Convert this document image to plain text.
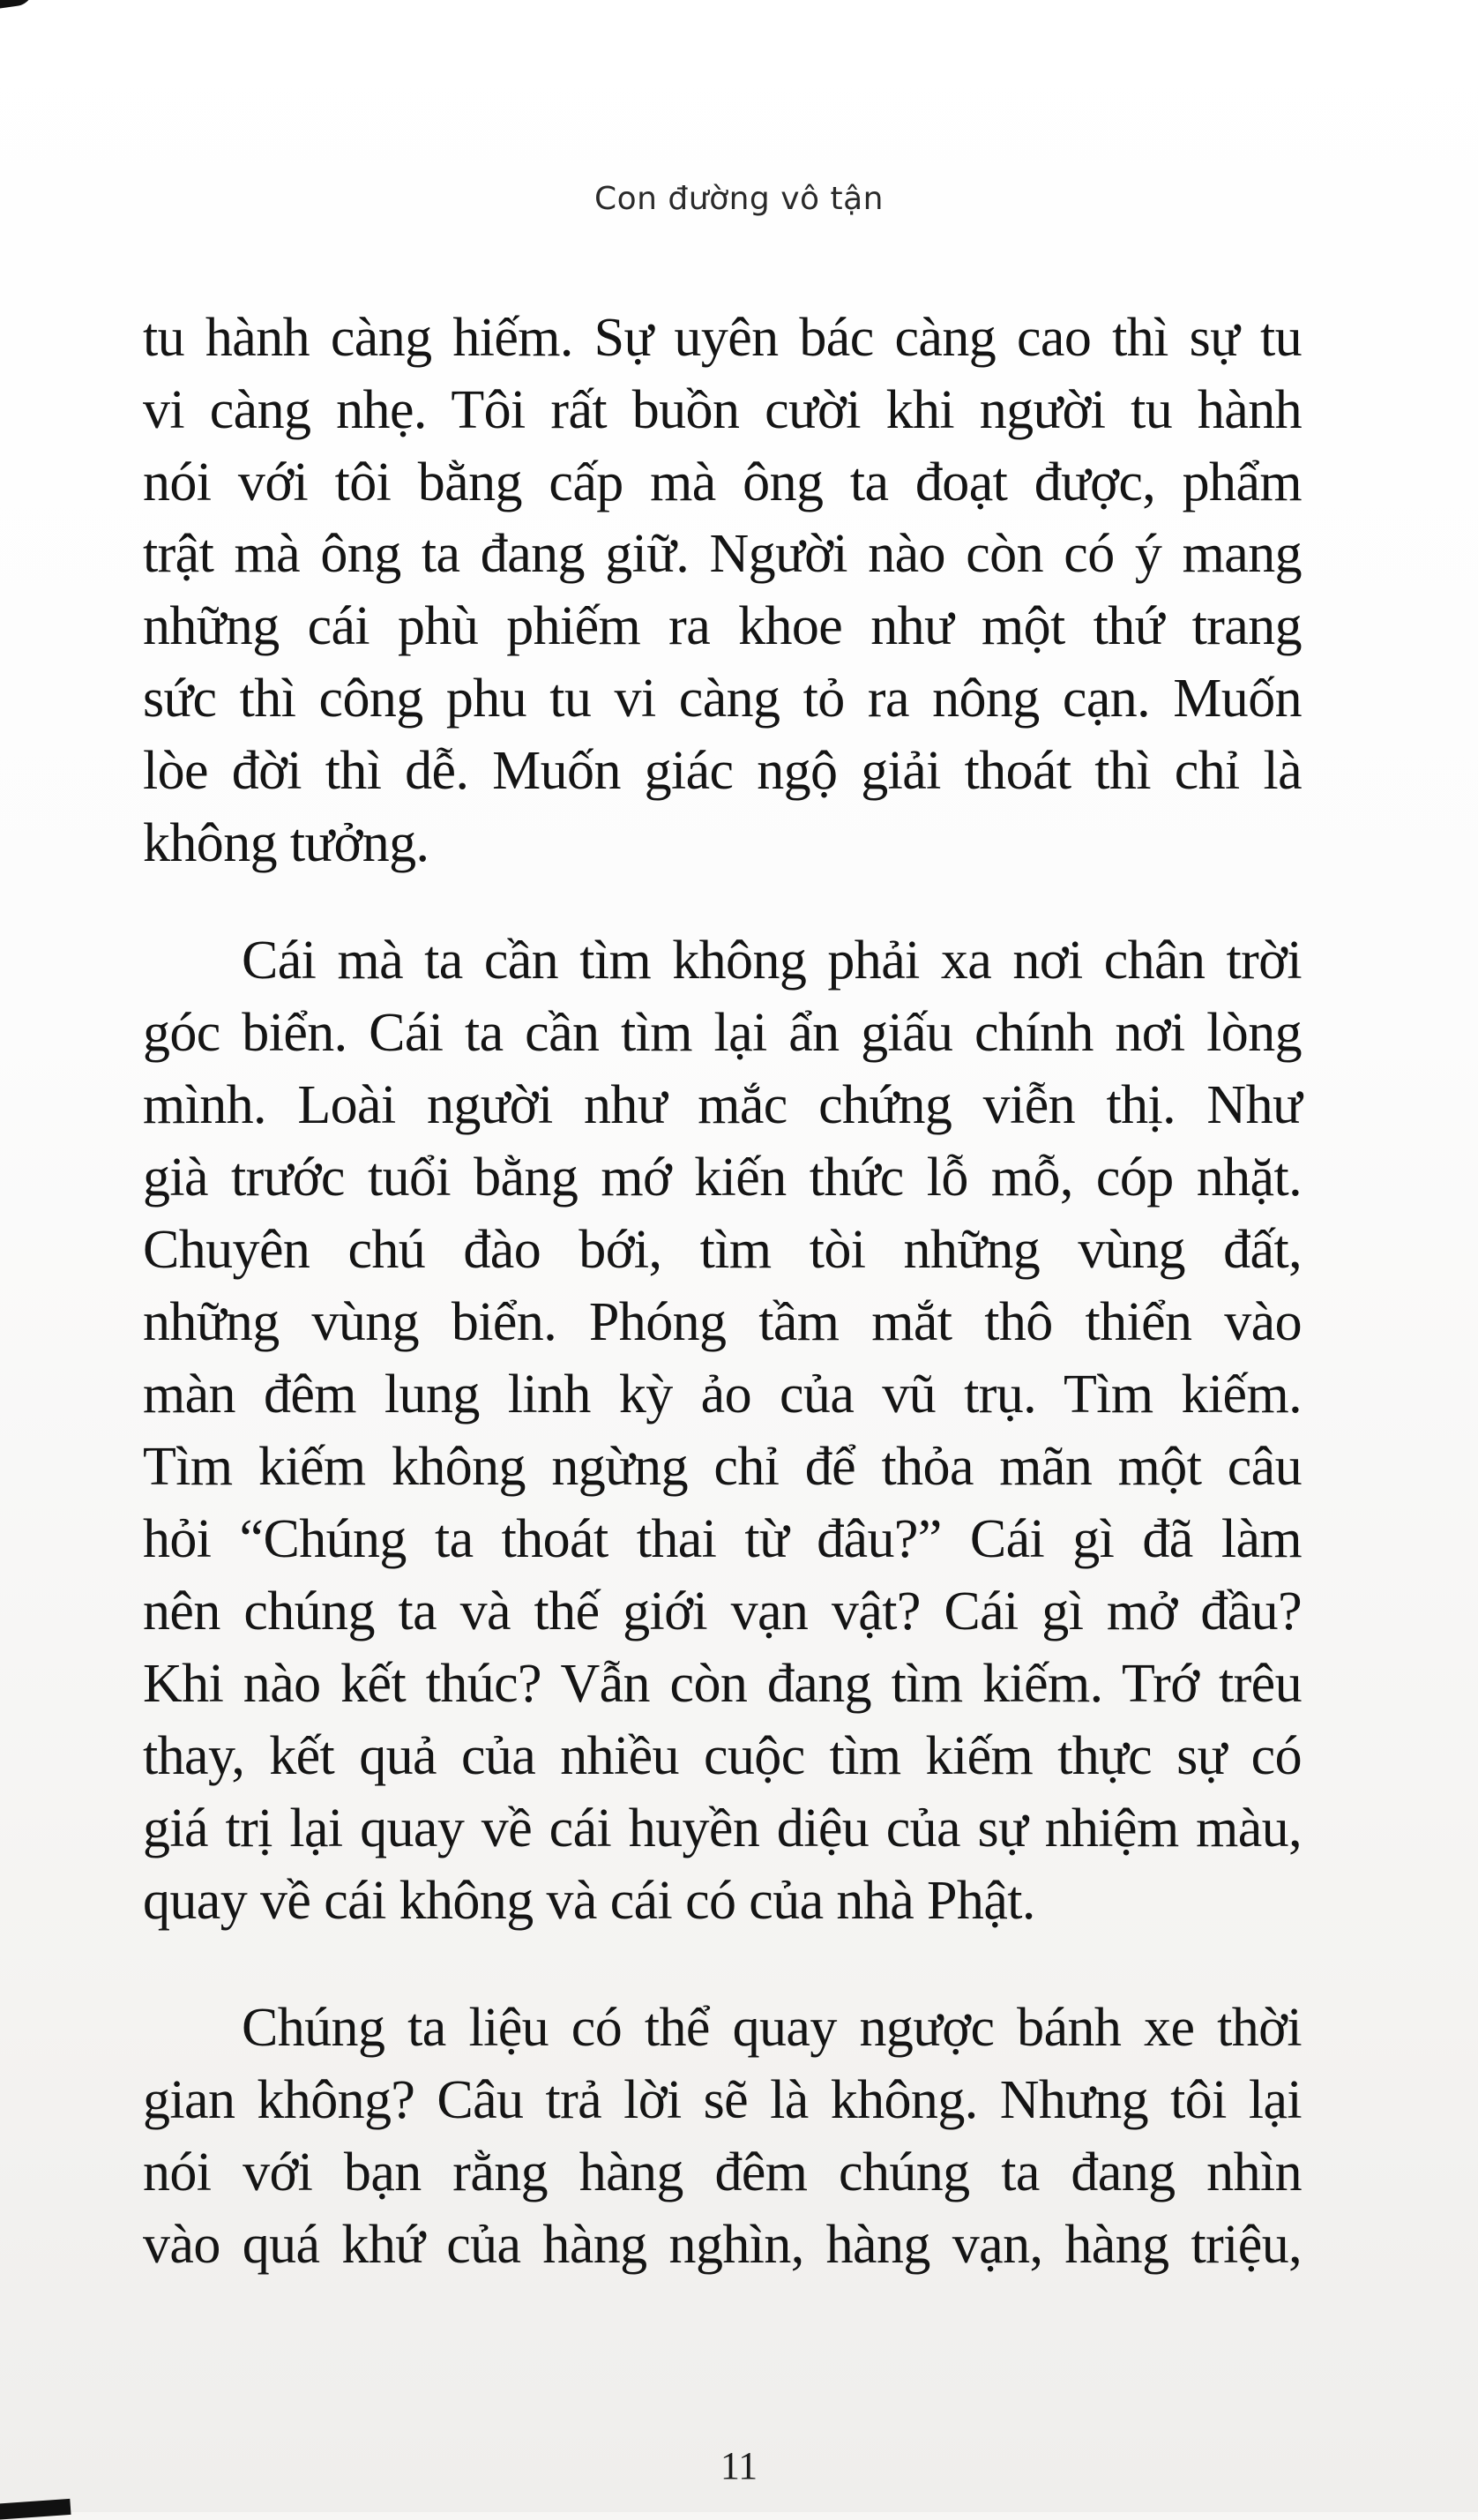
Con đường vô tận
tu hành càng hiếm. Sự uyên bác càng cao thì sự tu
vi càng nhẹ. Tôi rất buồn cười khi người tu hành
nói với tôi bằng cấp mà ông ta đoạt được, phẩm
trật mà ông ta đang giữ. Người nào còn có ý mang
những cái phù phiếm ra khoe như một thứ trang
sức thì công phu tu vi càng tỏ ra nông cạn. Muốn
lòe đời thì dễ. Muốn giác ngộ giải thoát thì chỉ là
không tưởng.
Cái mà ta cần tìm không phải xa nơi chân trời
góc biển. Cái ta cần tìm lại ẩn giấu chính nơi lòng
mình. Loài người như mắc chứng viễn thị. Như
già trước tuổi bằng mớ kiến thức lỗ mỗ, cóp nhặt.
Chuyên chú đào bới, tìm tòi những vùng đất,
những vùng biển. Phóng tầm mắt thô thiển vào
màn đêm lung linh kỳ ảo của vũ trụ. Tìm kiếm.
Tìm kiếm không ngừng chỉ để thỏa mãn một câu
hỏi “Chúng ta thoát thai từ đâu?” Cái gì đã làm
nên chúng ta và thế giới vạn vật? Cái gì mở đầu?
Khi nào kết thúc? Vẫn còn đang tìm kiếm. Trớ trêu
thay, kết quả của nhiều cuộc tìm kiếm thực sự có
giá trị lại quay về cái huyền diệu của sự nhiệm màu,
quay về cái không và cái có của nhà Phật.
Chúng ta liệu có thể quay ngược bánh xe thời
gian không? Câu trả lời sẽ là không. Nhưng tôi lại
nói với bạn rằng hàng đêm chúng ta đang nhìn
vào quá khứ của hàng nghìn, hàng vạn, hàng triệu,
11
